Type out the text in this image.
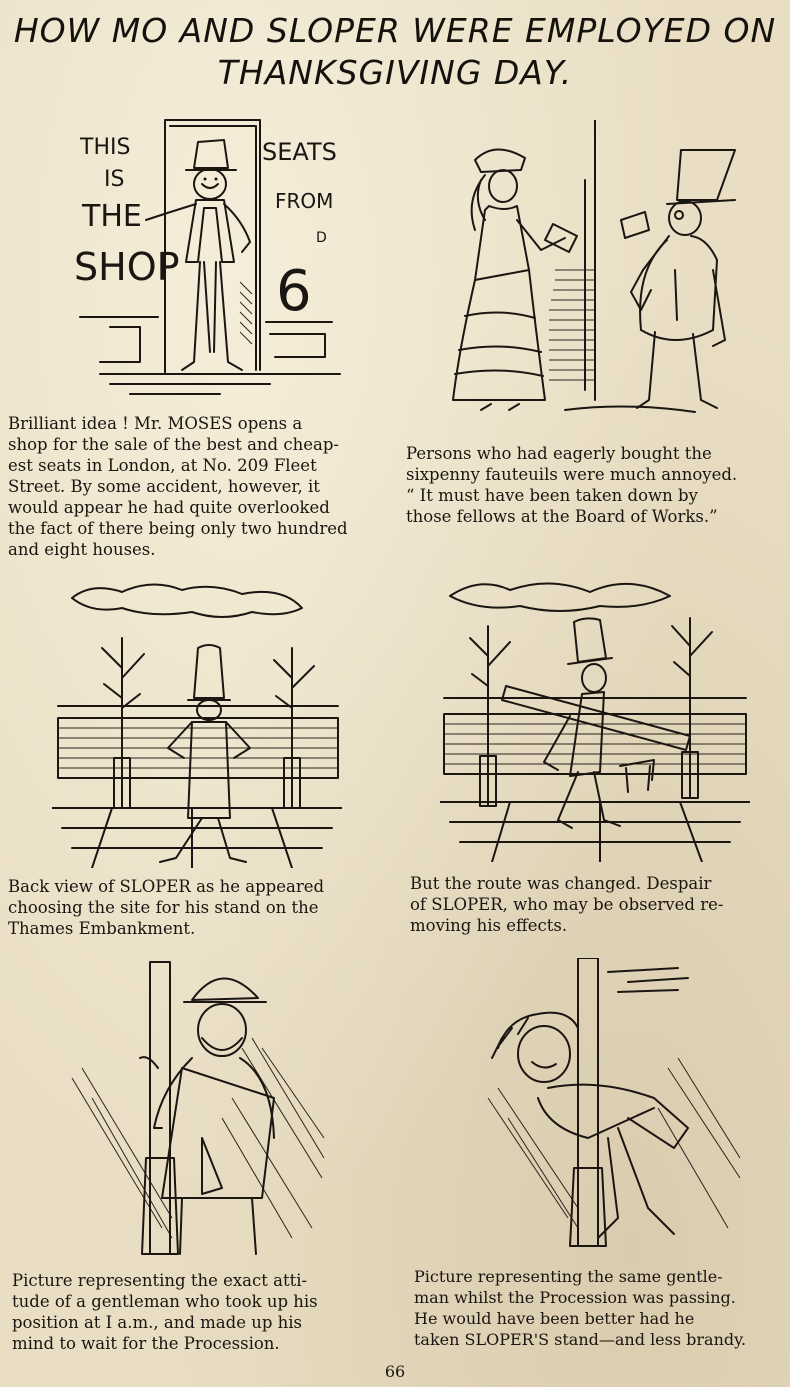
HOW MO AND SLOPER WERE EMPLOYED ON
THANKSGIVING DAY.
THIS
IS
THE
SHOP
SEATS
FROM
D
6
Brilliant idea ! Mr. MOSES opens a
shop for the sale of the best and cheap-
est seats in London, at No. 209 Fleet
Street. By some accident, however, it
would appear he had quite overlooked
the fact of there being only two hundred
and eight houses.
Persons who had eagerly bought the
sixpenny fauteuils were much annoyed.
“ It must have been taken down by
those fellows at the Board of Works.”
Back view of SLOPER as he appeared
choosing the site for his stand on the
Thames Embankment.
But the route was changed. Despair
of SLOPER, who may be observed re-
moving his effects.
Picture representing the exact atti-
tude of a gentleman who took up his
position at I a.m., and made up his
mind to wait for the Procession.
Picture representing the same gentle-
man whilst the Procession was passing.
He would have been better had he
taken SLOPER'S stand—and less brandy.
66
